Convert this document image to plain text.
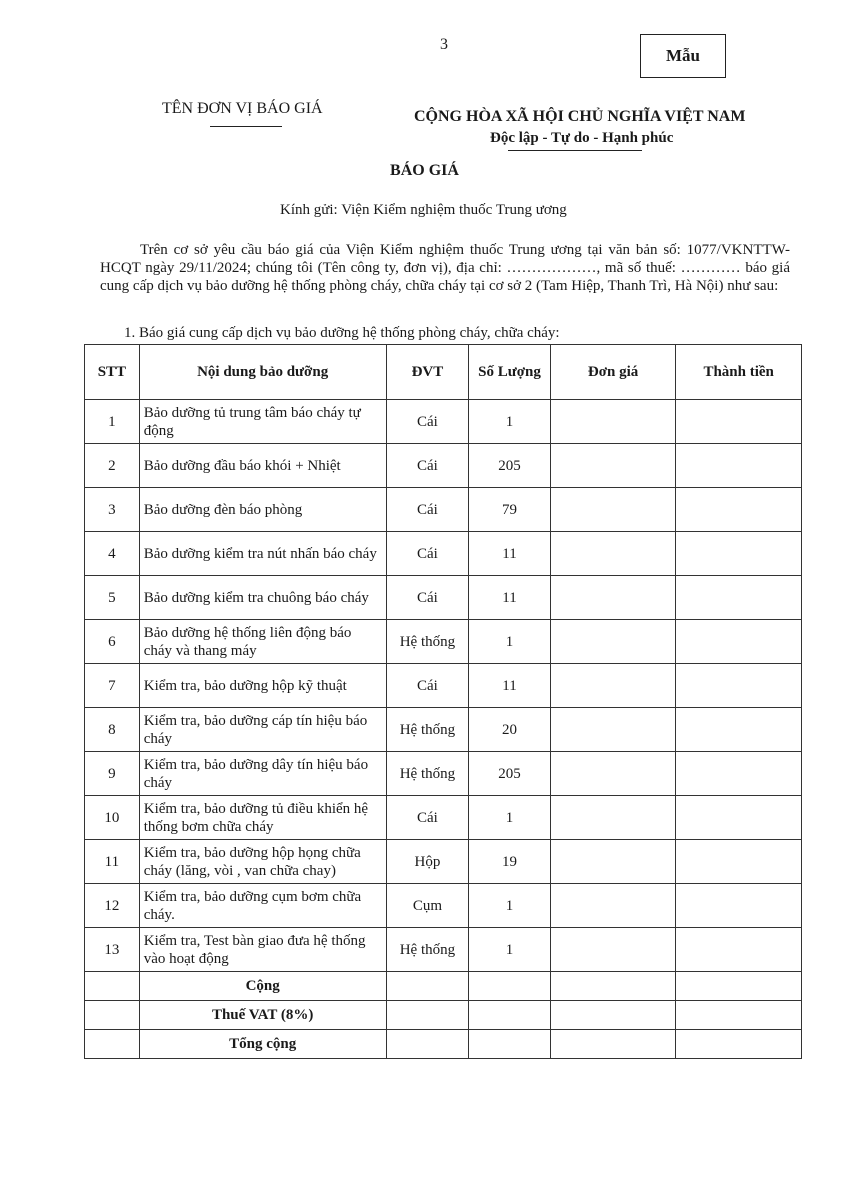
3
Mẫu
TÊN ĐƠN VỊ BÁO GIÁ	CỘNG HÒA XÃ HỘI CHỦ NGHĨA VIỆT NAM
Độc lập - Tự do - Hạnh phúc
BÁO GIÁ
Kính gửi: Viện Kiểm nghiệm thuốc Trung ương
Trên cơ sở yêu cầu báo giá của Viện Kiểm nghiệm thuốc Trung ương tại văn bản số: 1077/VKNTTW-HCQT ngày 29/11/2024; chúng tôi (Tên công ty, đơn vị), địa chỉ: ………………, mã số thuế: ………… báo giá cung cấp dịch vụ bảo dưỡng hệ thống phòng cháy, chữa cháy tại cơ sở 2 (Tam Hiệp, Thanh Trì, Hà Nội) như sau:
1. Báo giá cung cấp dịch vụ bảo dưỡng hệ thống phòng cháy, chữa cháy:
STT	Nội dung bảo dưỡng	ĐVT	Số Lượng	Đơn giá	Thành tiền
1	Bảo dưỡng tủ trung tâm báo cháy tự động	Cái	1		
2	Bảo dưỡng đầu báo khói + Nhiệt	Cái	205		
3	Bảo dưỡng đèn báo phòng	Cái	79		
4	Bảo dưỡng kiểm tra nút nhấn báo cháy	Cái	11		
5	Bảo dưỡng kiểm tra chuông báo cháy	Cái	11		
6	Bảo dưỡng hệ thống liên động báo cháy và thang máy	Hệ thống	1		
7	Kiểm tra, bảo dưỡng hộp kỹ thuật	Cái	11		
8	Kiểm tra, bảo dưỡng cáp tín hiệu báo cháy	Hệ thống	20		
9	Kiểm tra, bảo dưỡng dây tín hiệu báo cháy	Hệ thống	205		
10	Kiểm tra, bảo dưỡng tủ điều khiển hệ thống bơm chữa cháy	Cái	1		
11	Kiểm tra, bảo dưỡng hộp họng chữa cháy (lăng, vòi , van chữa chay)	Hộp	19		
12	Kiểm tra, bảo dưỡng cụm bơm chữa cháy.	Cụm	1		
13	Kiểm tra, Test bàn giao đưa hệ thống vào hoạt động	Hệ thống	1		
	Cộng				
	Thuế VAT (8%)				
	Tổng cộng				
